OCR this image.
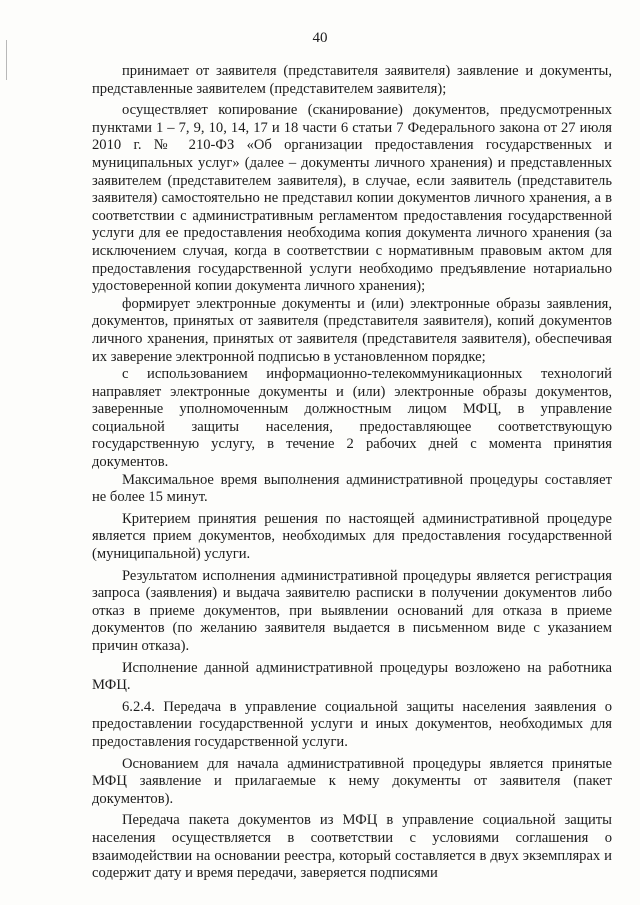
40

принимает от заявителя (представителя заявителя) заявление и документы, представленные заявителем (представителем заявителя);

осуществляет копирование (сканирование) документов, предусмотренных пунктами 1 – 7, 9, 10, 14, 17 и 18 части 6 статьи 7 Федерального закона от 27 июля 2010 г. № 210-ФЗ «Об организации предоставления государственных и муниципальных услуг» (далее – документы личного хранения) и представленных заявителем (представителем заявителя), в случае, если заявитель (представитель заявителя) самостоятельно не представил копии документов личного хранения, а в соответствии с административным регламентом предоставления государственной услуги для ее предоставления необходима копия документа личного хранения (за исключением случая, когда в соответствии с нормативным правовым актом для предоставления государственной услуги необходимо предъявление нотариально удостоверенной копии документа личного хранения);

формирует электронные документы и (или) электронные образы заявления, документов, принятых от заявителя (представителя заявителя), копий документов личного хранения, принятых от заявителя (представителя заявителя), обеспечивая их заверение электронной подписью в установленном порядке;

с использованием информационно-телекоммуникационных технологий направляет электронные документы и (или) электронные образы документов, заверенные уполномоченным должностным лицом МФЦ, в управление социальной защиты населения, предоставляющее соответствующую государственную услугу, в течение 2 рабочих дней с момента принятия документов.

Максимальное время выполнения административной процедуры составляет не более 15 минут.

Критерием принятия решения по настоящей административной процедуре является прием документов, необходимых для предоставления государственной (муниципальной) услуги.

Результатом исполнения административной процедуры является регистрация запроса (заявления) и выдача заявителю расписки в получении документов либо отказ в приеме документов, при выявлении оснований для отказа в приеме документов (по желанию заявителя выдается в письменном виде с указанием причин отказа).

Исполнение данной административной процедуры возложено на работника МФЦ.

6.2.4. Передача в управление социальной защиты населения заявления о предоставлении государственной услуги и иных документов, необходимых для предоставления государственной услуги.

Основанием для начала административной процедуры является принятые МФЦ заявление и прилагаемые к нему документы от заявителя (пакет документов).

Передача пакета документов из МФЦ в управление социальной защиты населения осуществляется в соответствии с условиями соглашения о взаимодействии на основании реестра, который составляется в двух экземплярах и содержит дату и время передачи, заверяется подписями
